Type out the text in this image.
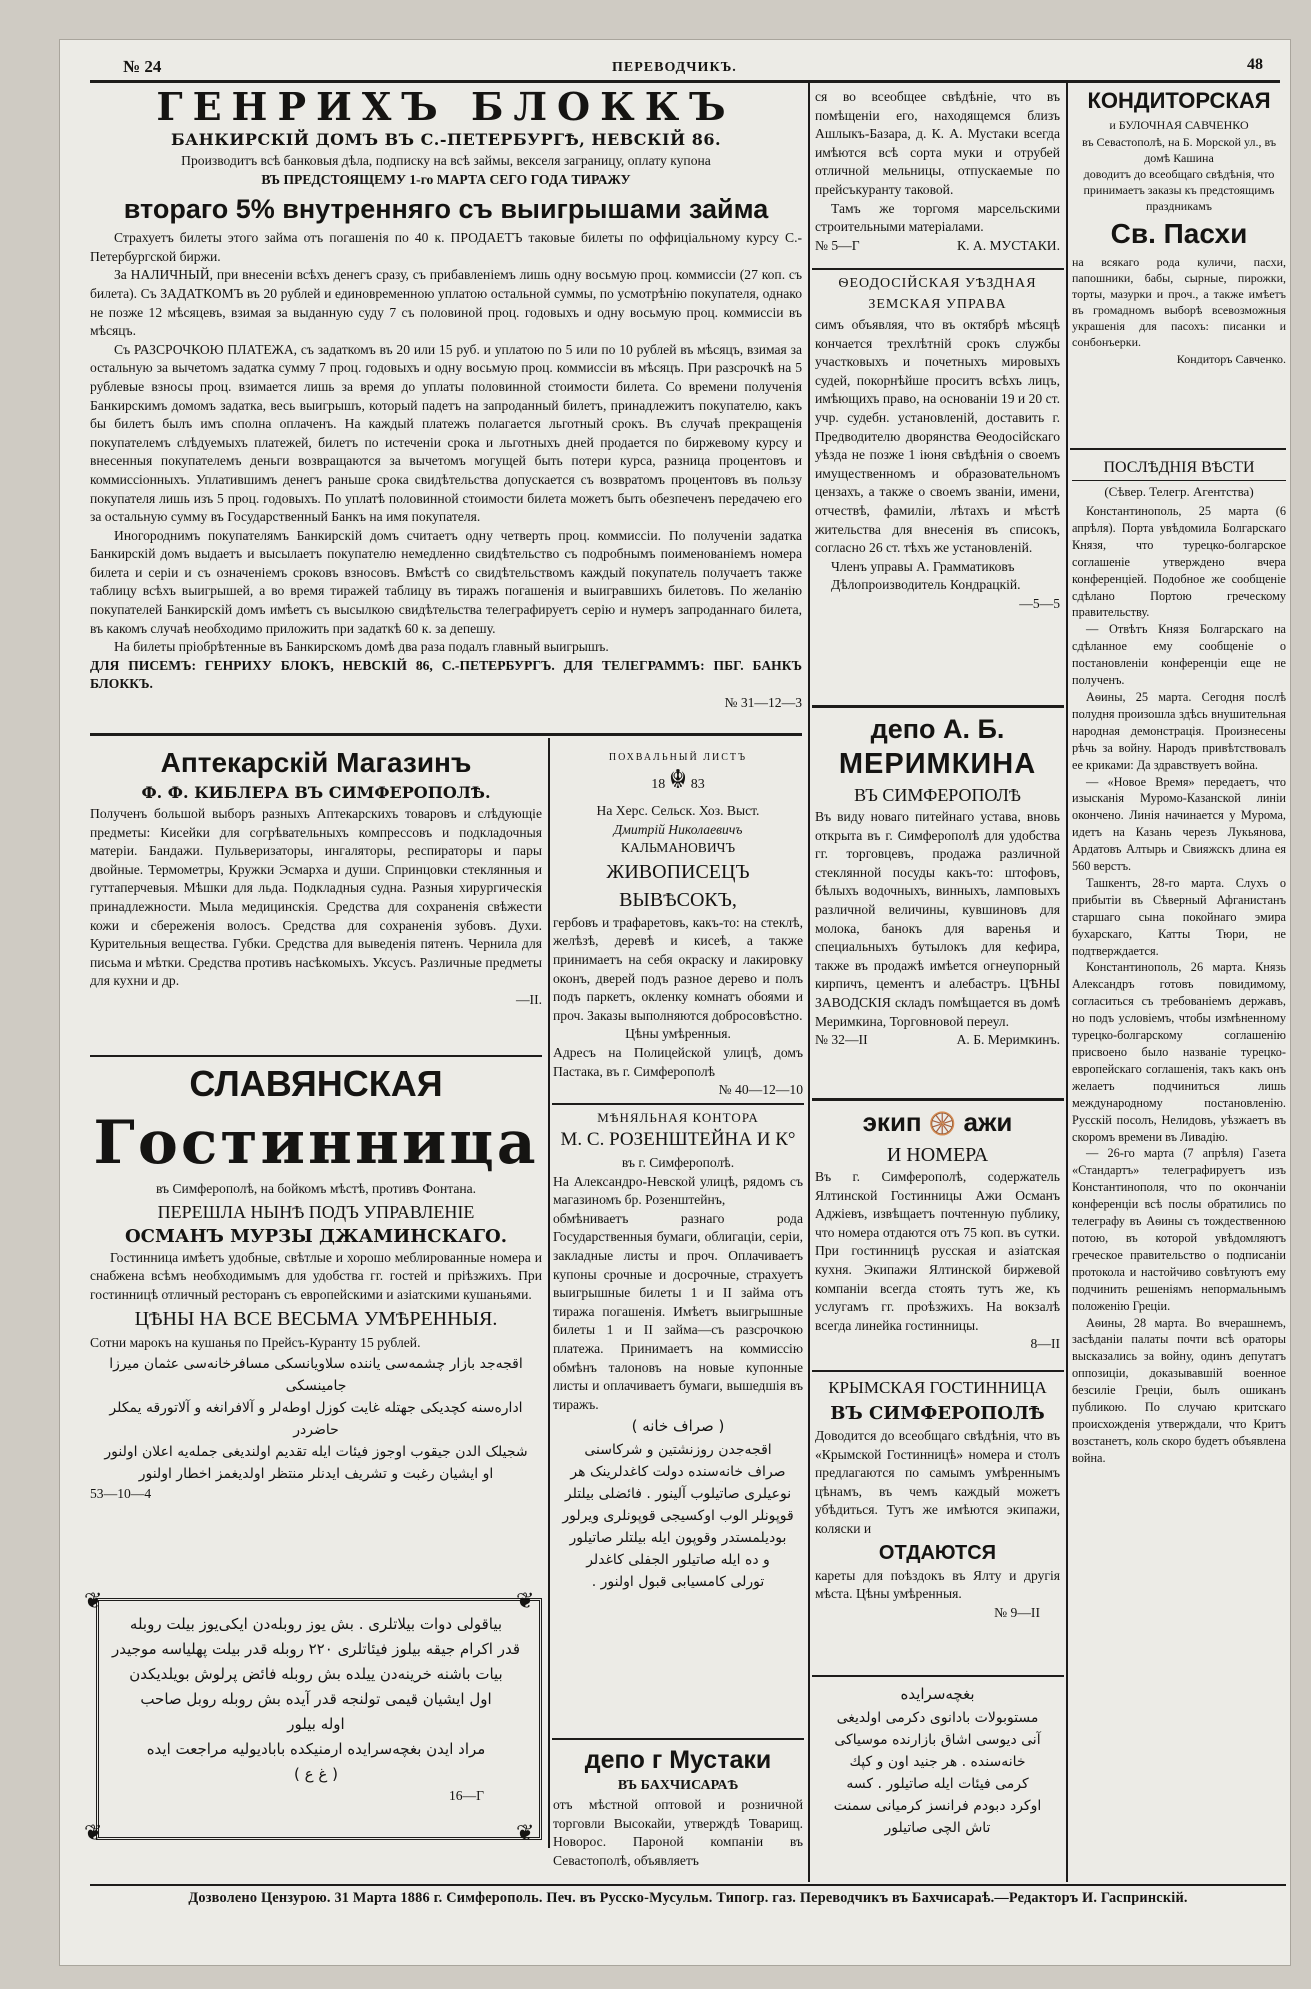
№ 24	ПЕРЕВОДЧИКЪ.	48
ГЕНРИХЪ БЛОККЪ
БАНКИРСКІЙ ДОМЪ ВЪ С.-ПЕТЕРБУРГѢ, НЕВСКІЙ 86.

Производитъ всѣ банковыя дѣла, подписку на всѣ займы, векселя заграницу, оплату купона

ВЪ ПРЕДСТОЯЩЕМУ 1-го МАРТА СЕГО ГОДА ТИРАЖУ

втораго 5% внутренняго съ выигрышами займа

Страхуетъ билеты этого займа отъ погашенія по 40 к. ПРОДАЕТЪ таковые билеты по оффиціальному курсу С.-Петербургской биржи.

За НАЛИЧНЫЙ, при внесеніи всѣхъ денегъ сразу, съ прибавленіемъ лишь одну восьмую проц. коммиссіи (27 коп. съ билета). Съ ЗАДАТКОМЪ въ 20 рублей и единовременною уплатою остальной суммы, по усмотрѣнію покупателя, однако не позже 12 мѣсяцевъ, взимая за выданную суду 7 съ половиной проц. годовыхъ и одну восьмую проц. коммиссіи въ мѣсяцъ.

Съ РАЗСРОЧКОЮ ПЛАТЕЖА, съ задаткомъ въ 20 или 15 руб. и уплатою по 5 или по 10 рублей въ мѣсяцъ, взимая за остальную за вычетомъ задатка сумму 7 проц. годовыхъ и одну восьмую проц. коммиссіи въ мѣсяцъ. При разсрочкѣ на 5 рублевые взносы проц. взимается лишь за время до уплаты половинной стоимости билета. Со времени полученія Банкирскимъ домомъ задатка, весь выигрышъ, который падетъ на запроданный билетъ, принадлежитъ покупателю, какъ бы билетъ былъ имъ сполна оплаченъ. На каждый платежъ полагается льготный срокъ. Въ случаѣ прекращенія покупателемъ слѣдуемыхъ платежей, билетъ по истеченіи срока и льготныхъ дней продается по биржевому курсу и внесенныя покупателемъ деньги возвращаются за вычетомъ могущей быть потери курса, разница процентовъ и коммиссіонныхъ. Уплатившимъ денегъ раньше срока свидѣтельства допускается съ возвратомъ процентовъ въ пользу покупателя лишь изъ 5 проц. годовыхъ. По уплатѣ половинной стоимости билета можетъ быть обезпеченъ передачею его за остальную сумму въ Государственный Банкъ на имя покупателя.

Иногороднимъ покупателямъ Банкирскій домъ считаетъ одну четверть проц. коммиссіи. По полученіи задатка Банкирскій домъ выдаетъ и высылаетъ покупателю немедленно свидѣтельство съ подробнымъ поименованіемъ номера билета и серіи и съ означеніемъ сроковъ взносовъ. Вмѣстѣ со свидѣтельствомъ каждый покупатель получаетъ также таблицу всѣхъ выигрышей, а во время тиражей таблицу въ тиражъ погашенія и выигравшихъ билетовъ. По желанію покупателей Банкирскій домъ имѣетъ съ высылкою свидѣтельства телеграфируетъ серію и нумеръ запроданнаго билета, въ какомъ случаѣ необходимо приложить при задаткѣ 60 к. за депешу.

На билеты пріобрѣтенные въ Банкирскомъ домѣ два раза подалъ главный выигрышъ.

ДЛЯ ПИСЕМЪ: ГЕНРИХУ БЛОКЪ, НЕВСКІЙ 86, С.-ПЕТЕРБУРГЪ. ДЛЯ ТЕЛЕГРАММЪ: ПБГ. БАНКЪ БЛОККЪ.

№ 31—12—3
Аптекарскій Магазинъ
Ф. Ф. КИБЛЕРА ВЪ СИМФЕРОПОЛѢ.

Полученъ большой выборъ разныхъ Аптекарскихъ товаровъ и слѣдующіе предметы: Кисейки для согрѣвательныхъ компрессовъ и подкладочныя матеріи. Бандажи. Пульверизаторы, ингаляторы, респираторы и пары двойные. Термометры, Кружки Эсмарха и души. Спринцовки стеклянныя и гуттаперчевыя. Мѣшки для льда. Подкладныя судна. Разныя хирургическія принадлежности. Мыла медицинскія. Средства для сохраненія свѣжести кожи и сбереженія волосъ. Средства для сохраненія зубовъ. Духи. Курительныя вещества. Губки. Средства для выведенія пятенъ. Чернила для письма и мѣтки. Средства противъ насѣкомыхъ. Уксусъ. Различные предметы для кухни и др.

—II.
СЛАВЯНСКАЯ
Гостинница

въ Симферополѣ, на бойкомъ мѣстѣ, противъ Фонтана.

ПЕРЕШЛА НЫНѢ ПОДЪ УПРАВЛЕНІЕ
ОСМАНЪ МУРЗЫ ДЖАМИНСКАГО.

Гостинница имѣетъ удобные, свѣтлые и хорошо меблированные номера и снабжена всѣмъ необходимымъ для удобства гг. гостей и пріѣзжихъ. При гостинницѣ отличный ресторанъ съ европейскими и азіатскими кушаньями.

ЦѢНЫ НА ВСЕ ВЕСЬМА УМѢРЕННЫЯ.

Сотни марокъ на кушанья по Прейсъ-Куранту 15 рублей.

اقجه‌جد بازار چشمه‌سی یاننده سلاویانسکی مسافرخانه‌سی عثمان میرزا جامینسکی
اداره‌سنه کچدیکی جهتله غایت کوزل اوطه‌لر و آلافرانغه و آلاتورقه یمکلر حاضردر
شجیلک الدن جیقوب اوجوز فیئات ایله تقدیم اولندیغی جمله‌یه اعلان اولنور
او ایشیان رغبت و تشریف ایدنلر منتظر اولدیغمز اخطار اولنور
53—10—4
❦	❦
❦	❦
بیاقولی دوات بیلاتلری . بش یوز روبله‌دن ایکی‌یوز بیلت روبله
قدر اکرام جیقه بیلوز فیئاتلری ۲۲۰ روبله قدر بیلت پهلیاسه موجیدر
بیات باشنه خرینه‌دن ییلده بش روبله فائض پرلوش بویلدیکدن
اول ایشیان قیمی تولنجه قدر آیده بش روبله روبل صاحب
اوله بیلور
مراد ایدن بغچه‌سرایده ارمنیکده بابادیولیه مراجعت ایده
( غ ع )
16—Г
ПОХВАЛЬНЫЙ ЛИСТЪ
18 ☬ 83

На Херс. Сельск. Хоз. Выст.

Дмитрій Николаевичъ

КАЛЬМАНОВИЧЪ

ЖИВОПИСЕЦЪ ВЫВѢСОКЪ,

гербовъ и трафаретовъ, какъ-то: на стеклѣ, желѣзѣ, деревѣ и кисеѣ, а также принимаетъ на себя окраску и лакировку оконъ, дверей подъ разное дерево и полъ подъ паркетъ, окленку комнатъ обоями и проч. Заказы выполняются добросовѣстно.

Цѣны умѣренныя.

Адресъ на Полицейской улицѣ, домъ Пастака, въ г. Симферополѣ

№ 40—12—10
МѢНЯЛЬНАЯ КОНТОРА
М. С. РОЗЕНШТЕЙНА И К°

въ г. Симферополѣ.

На Александро-Невской улицѣ, рядомъ съ магазиномъ бр. Розенштейнъ,

обмѣниваетъ разнаго рода Государственныя бумаги, облигаціи, серіи, закладные листы и проч. Оплачиваетъ купоны срочные и досрочные, страхуетъ выигрышные билеты 1 и II займа отъ тиража погашенія. Имѣетъ выигрышные билеты 1 и II займа—съ разсрочкою платежа. Принимаетъ на коммиссію обмѣнъ талоновъ на новые купонные листы и оплачиваетъ бумаги, вышедшія въ тиражъ.

( صراف خانه )
اقجه‌جدن روزنشتین و شرکاسنی
صراف خانه‌سنده دولت کاغدلرینک هر
نوعیلری صاتیلوب آلینور . فائضلی بیلتلر
قوپونلر الوب اوکسیجی قوپونلری ویرلور
بودیلمستدر وقوپون ایله بیلتلر صاتیلور
و ده ایله صاتیلور الجفلی کاغدلر
تورلی کامسیابی قبول اولنور .
депо г Мустаки
ВЪ БАХЧИСАРАѢ

отъ мѣстной оптовой и розничной торговли Высокайи, утверждѣ Товарищ. Новорос. Пароной компаніи въ Севастополѣ, объявляетъ

ся во всеобщее свѣдѣніе, что въ помѣщеніи его, находящемся близъ Ашлыкъ-Базара, д. К. А. Мустаки всегда имѣются всѣ сорта муки и отрубей отличной мельницы, отпускаемые по прейсъкуранту таковой.

Тамъ же торгомя марсельскими строительными матеріалами.

№ 5—Г	К. А. МУСТАКИ.
ѲЕОДОСІЙСКАЯ УѢЗДНАЯ
ЗЕМСКАЯ УПРАВА

симъ объявляя, что въ октябрѣ мѣсяцѣ кончается трехлѣтній срокъ службы участковыхъ и почетныхъ мировыхъ судей, покорнѣйше проситъ всѣхъ лицъ, имѣющихъ право, на основаніи 19 и 20 ст. учр. судебн. установленій, доставить г. Предводителю дворянства Ѳеодосійскаго уѣзда не позже 1 іюня свѣдѣнія о своемъ имущественномъ и образовательномъ цензахъ, а также о своемъ званіи, имени, отчествѣ, фамиліи, лѣтахъ и мѣстѣ жительства для внесенія въ списокъ, согласно 26 ст. тѣхъ же установленій.

Членъ управы А. Грамматиковъ

Дѣлопроизводитель Кондрацкій.

—5—5
депо А. Б.
МЕРИМКИНА
ВЪ СИМФЕРОПОЛѢ

Въ виду новаго питейнаго устава, вновь открыта въ г. Симферополѣ для удобства гг. торговцевъ, продажа различной стеклянной посуды какъ-то: штофовъ, бѣлыхъ водочныхъ, винныхъ, ламповыхъ различной величины, кувшиновъ для молока, банокъ для варенья и специальныхъ бутылокъ для кефира, также въ продажѣ имѣется огнеупорный кирпичъ, цементъ и алебастръ. ЦѢНЫ ЗАВОДСКІЯ складъ помѣщается въ домѣ Меримкина, Торговновой переул.

№ 32—II	А. Б. Меримкинъ.
экип 🛞 ажи
И НОМЕРА

Въ г. Симферополѣ, содержатель Ялтинской Гостинницы Ажи Османъ Аджіевъ, извѣщаетъ почтенную публику, что номера отдаются отъ 75 коп. въ сутки. При гостинницѣ русская и азіатская кухня. Экипажи Ялтинской биржевой компаніи всегда стоять тутъ же, къ услугамъ гг. проѣзжихъ. На вокзалѣ всегда линейка гостинницы.

8—II
КРЫМСКАЯ ГОСТИННИЦА
ВЪ СИМФЕРОПОЛѢ

Доводится до всеобщаго свѣдѣнія, что въ «Крымской Гостинницѣ» номера и столъ предлагаются по самымъ умѣреннымъ цѣнамъ, въ чемъ каждый можетъ убѣдиться. Тутъ же имѣются экипажи, коляски и

ОТДАЮТСЯ

кареты для поѣздокъ въ Ялту и другія мѣста. Цѣны умѣренныя.

№ 9—II
بغچه‌سرایده
مستوبولات بادانوی دکرمی اولدیغی
آنی دیوسی اشاق بازارنده موسیاکی
خانه‌سنده . هر جنید اون و کپك
کرمی فیئات ایله صاتیلور . کسه
اوکرد دبودم فرانسز کرمیانی سمنت
تاش الچی صاتیلور
КОНДИТОРСКАЯ
и БУЛОЧНАЯ САВЧЕНКО

въ Севастополѣ, на Б. Морской ул., въ домѣ Кашина

доводитъ до всеобщаго свѣдѣнія, что принимаетъ заказы къ предстоящимъ праздникамъ

Св. Пасхи

на всякаго рода куличи, пасхи, папошники, бабы, сырные, пирожки, торты, мазурки и проч., а также имѣетъ въ громадномъ выборѣ всевозможныя украшенія для пасохъ: писанки и сонбонъерки.

Кондиторъ Савченко.
ПОСЛѢДНІЯ ВѢСТИ
(Сѣвер. Телегр. Агентства)

Константинополь, 25 марта (6 апрѣля). Порта увѣдомила Болгарскаго Князя, что турецко-болгарское соглашеніе утверждено вчера конференціей. Подобное же сообщеніе сдѣлано Портою греческому правительству.

— Отвѣтъ Князя Болгарскаго на сдѣланное ему сообщеніе о постановленіи конференціи еще не полученъ.

Аѳины, 25 марта. Сегодня послѣ полудня произошла здѣсь внушительная народная демонстрація. Произнесены рѣчь за войну. Народъ привѣтствовалъ ее криками: Да здравствуетъ война.

— «Новое Время» передаетъ, что изысканія Муромо-Казанской линіи окончено. Линія начинается у Мурома, идетъ на Казань черезъ Лукьянова, Ардатовъ Алтырь и Свияжскъ длина ея 560 верстъ.

Ташкентъ, 28-го марта. Слухъ о прибытіи въ Сѣверный Афганистанъ старшаго сына покойнаго эмира бухарскаго, Катты Тюри, не подтверждается.

Константинополь, 26 марта. Князь Александръ готовъ повидимому, согласиться съ требованіемъ державъ, но подъ условіемъ, чтобы измѣненному турецко-болгарскому соглашенію присвоено было названіе турецко-европейскаго соглашенія, такъ какъ онъ желаетъ подчиниться лишь международному постановленію. Русскій посолъ, Нелидовъ, уѣзжаетъ въ скоромъ времени въ Ливадію.

— 26-го марта (7 апрѣля) Газета «Стандартъ» телеграфируетъ изъ Константинополя, что по окончаніи конференціи всѣ послы обратились по телеграфу въ Аѳины съ тождественною потою, въ которой увѣдомляютъ греческое правительство о подписаніи протокола и настойчиво совѣтуютъ ему подчинить решеніямъ непормальнымъ положенію Греціи.

Аѳины, 28 марта. Во вчерашнемъ, засѣданіи палаты почти всѣ ораторы высказались за войну, одинъ депутатъ оппозиціи, доказывавшій военное безсиліе Греціи, былъ ошиканъ публикою. По случаю критскаго происхожденія утверждали, что Критъ возстанетъ, коль скоро будетъ объявлена война.

Дозволено Цензурою. 31 Марта 1886 г. Симферополь. Печ. въ Русско-Мусульм. Типогр. газ. Переводчикъ въ Бахчисараѣ.—Редакторъ И. Гаспринскій.
